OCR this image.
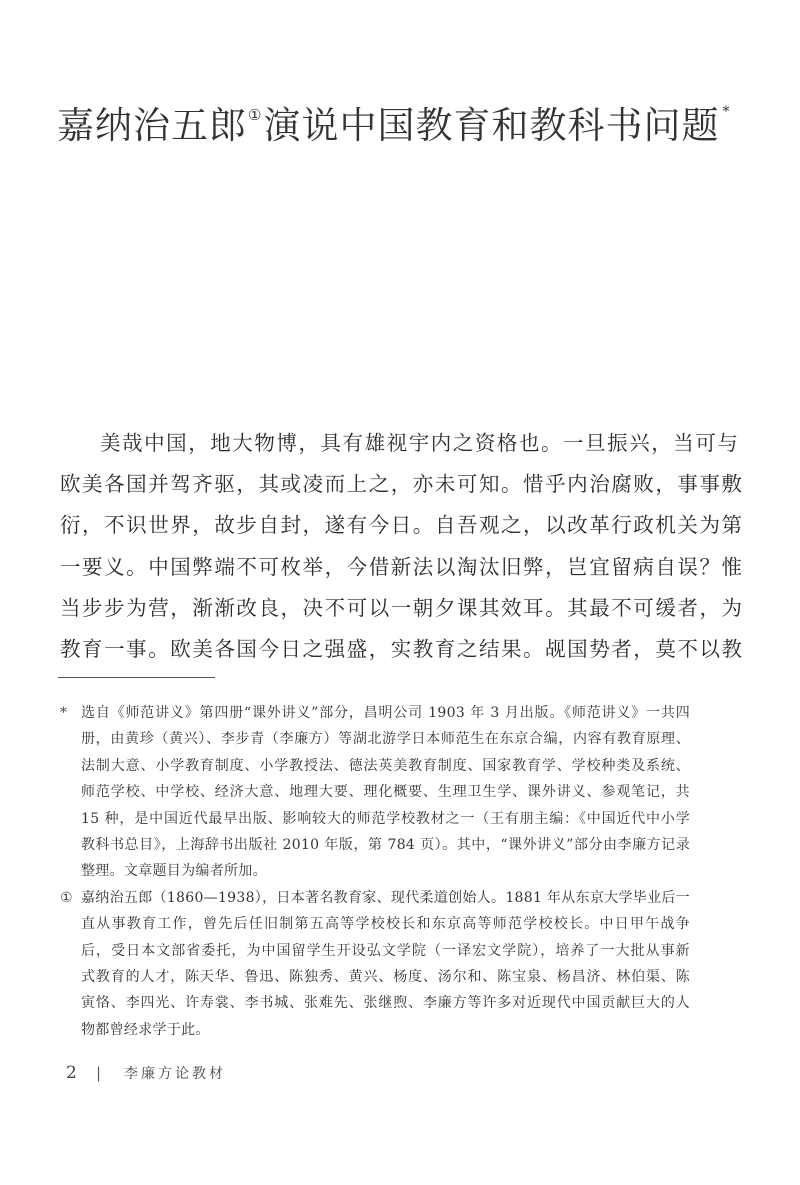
嘉纳治五郎①演说中国教育和教科书问题 *
美哉中国，地大物博，具有雄视宇内之资格也。一旦振兴，当可与
欧美各国并驾齐驱，其或凌而上之，亦未可知。惜乎内治腐败，事事敷
衍，不识世界，故步自封，遂有今日。自吾观之，以改革行政机关为第
一要义。中国弊端不可枚举，今借新法以淘汰旧弊，岂宜留病自误？惟
当步步为营，渐渐改良，决不可以一朝夕课其效耳。其最不可缓者，为
教育一事。欧美各国今日之强盛，实教育之结果。觇国势者，莫不以教
*	选自《师范讲义》第四册“课外讲义”部分，昌明公司 1903 年 3 月出版。《师范讲义》一共四
册，由黄珍（黄兴）、李步青（李廉方）等湖北游学日本师范生在东京合编，内容有教育原理、
法制大意、小学教育制度、小学教授法、德法英美教育制度、国家教育学、学校种类及系统、
师范学校、中学校、经济大意、地理大要、理化概要、生理卫生学、课外讲义、参观笔记，共
15 种，是中国近代最早出版、影响较大的师范学校教材之一（王有朋主编：《中国近代中小学
教科书总目》，上海辞书出版社 2010 年版，第 784 页）。其中，“课外讲义”部分由李廉方记录
整理。文章题目为编者所加。
① 嘉纳治五郎（1860—1938），日本著名教育家、现代柔道创始人。1881 年从东京大学毕业后一
直从事教育工作，曾先后任旧制第五高等学校校长和东京高等师范学校校长。中日甲午战争
后，受日本文部省委托，为中国留学生开设弘文学院（一译宏文学院），培养了一大批从事新
式教育的人才，陈天华、鲁迅、陈独秀、黄兴、杨度、汤尔和、陈宝泉、杨昌济、林伯渠、陈
寅恪、李四光、许寿裳、李书城、张难先、张继煦、李廉方等许多对近现代中国贡献巨大的人
物都曾经求学于此。
2	|	李廉方论教材
